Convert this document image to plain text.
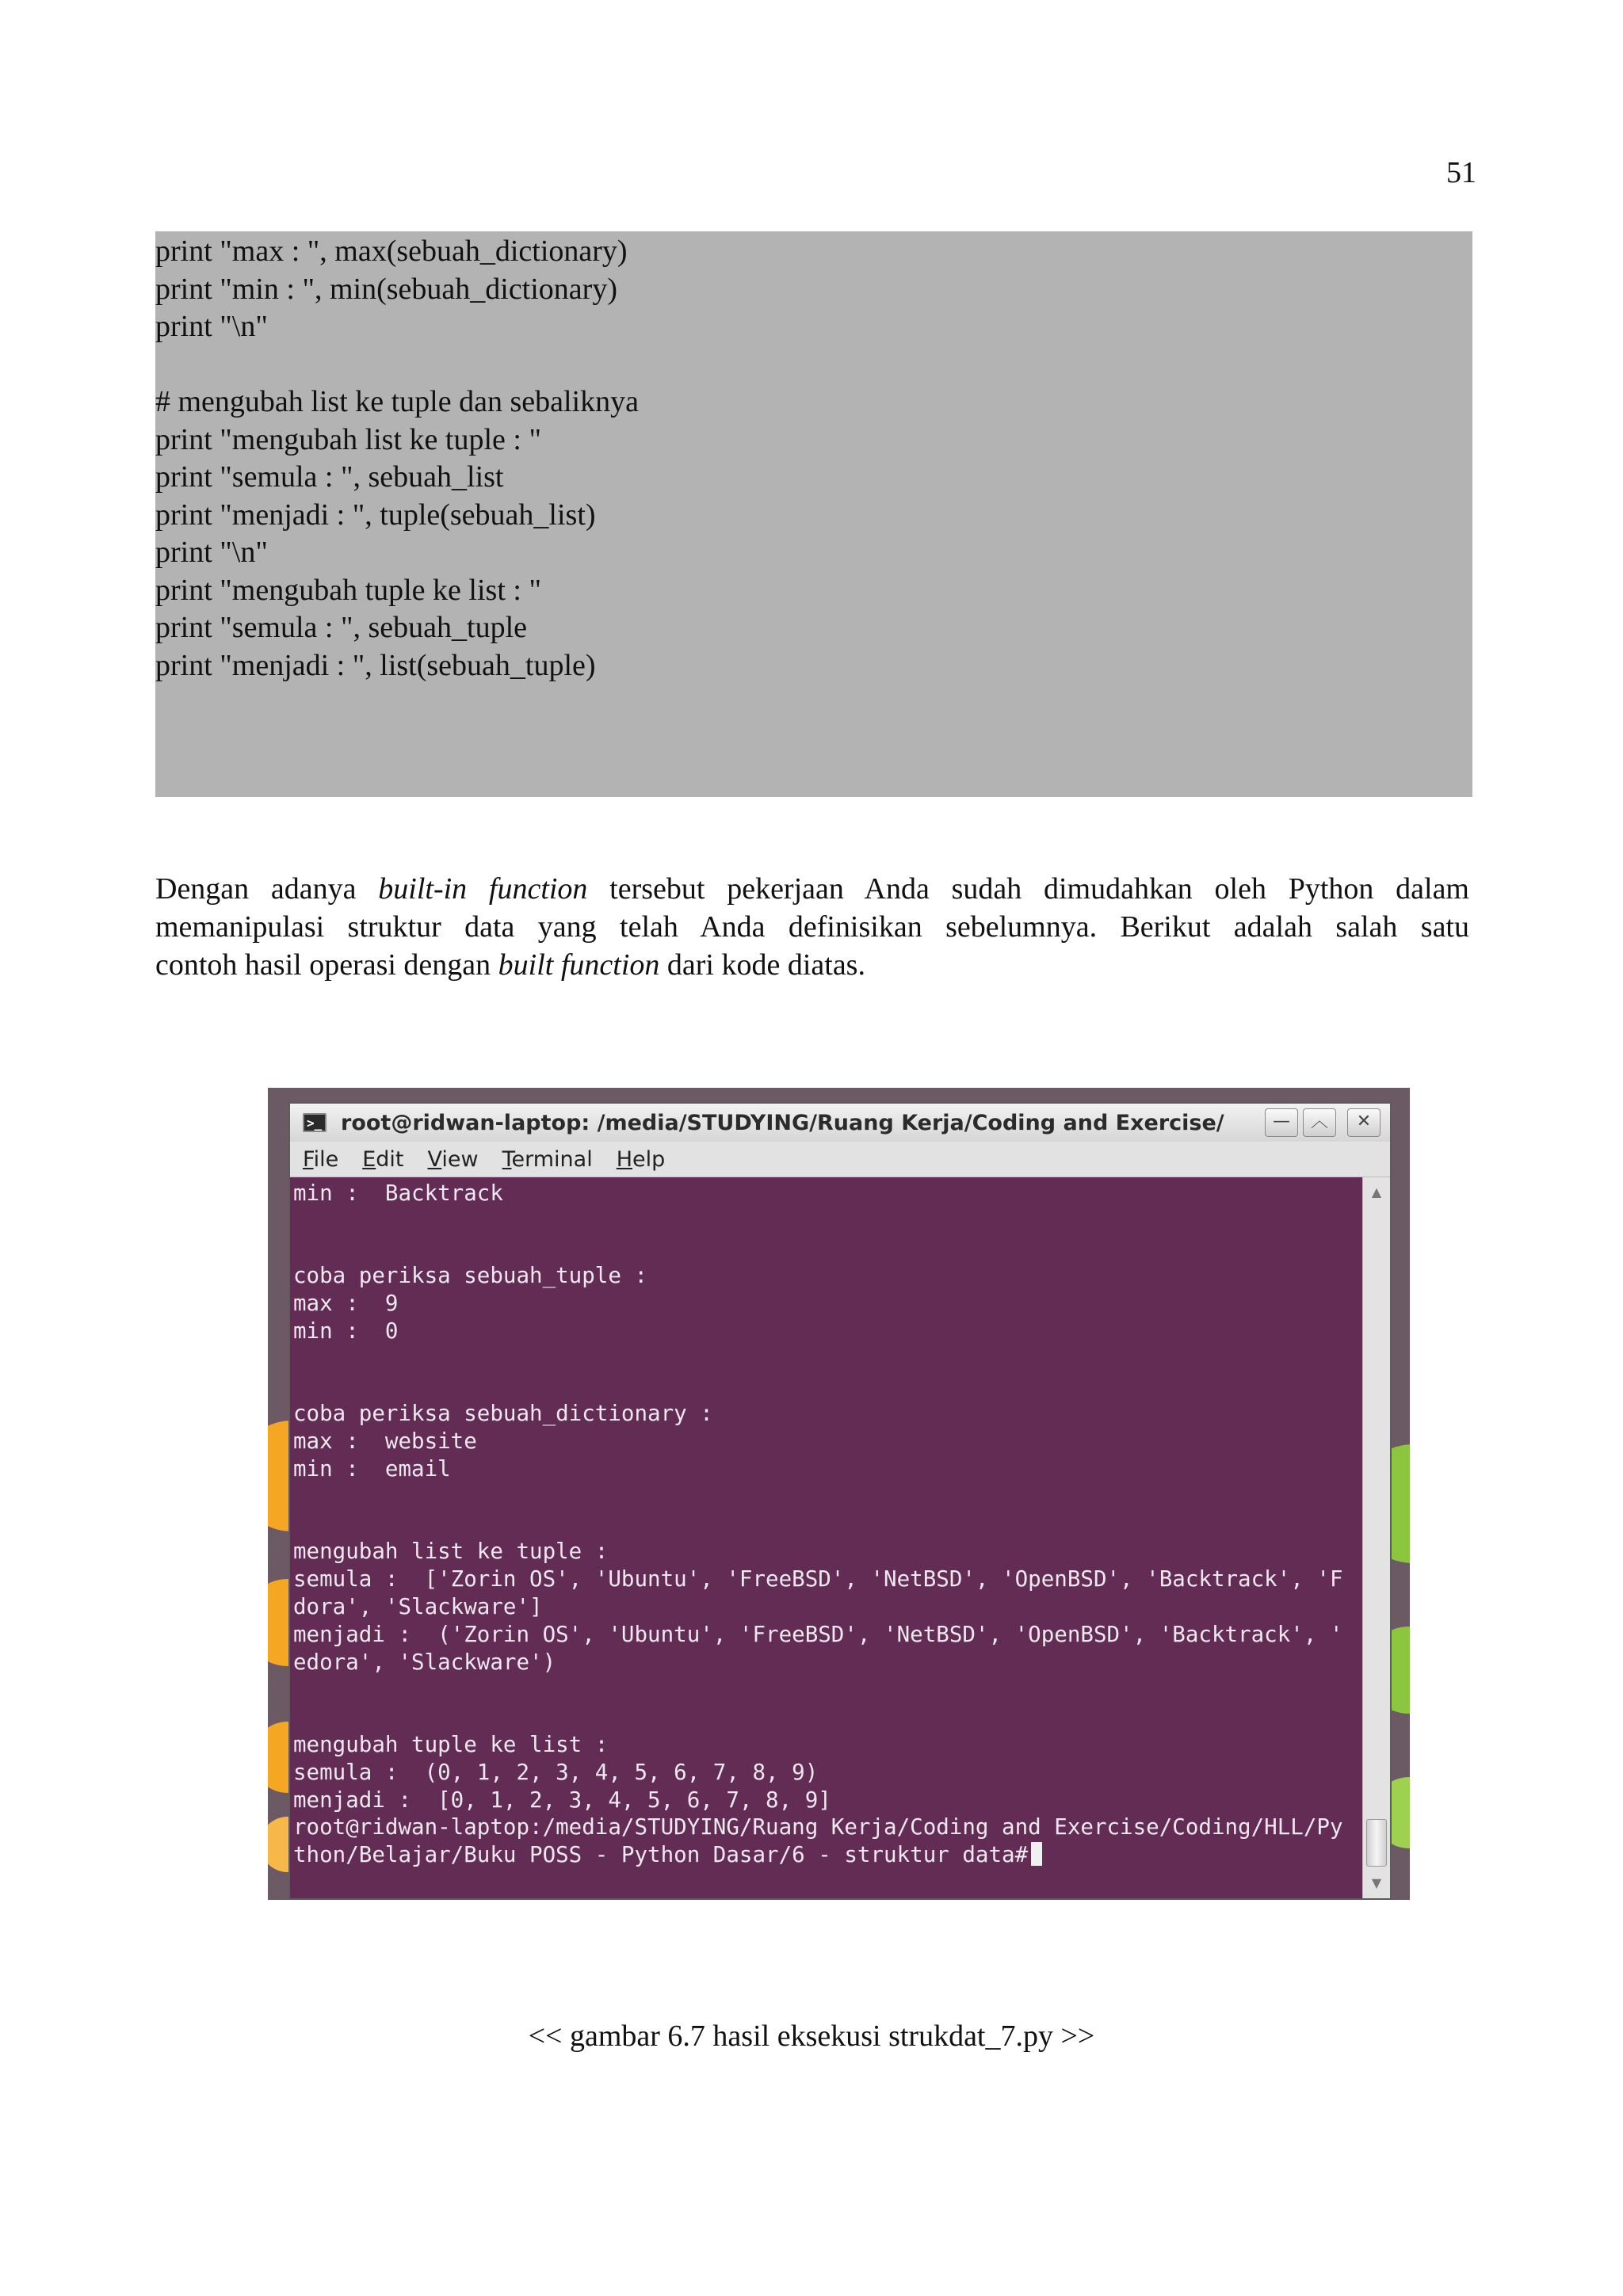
51
print "max : ", max(sebuah_dictionary)
print "min : ", min(sebuah_dictionary)
print "\n"
# mengubah list ke tuple dan sebaliknya
print "mengubah list ke tuple : "
print "semula : ", sebuah_list
print "menjadi : ", tuple(sebuah_list)
print "\n"
print "mengubah tuple ke list : "
print "semula : ", sebuah_tuple
print "menjadi : ", list(sebuah_tuple)

Dengan adanya built-in function tersebut pekerjaan Anda sudah dimudahkan oleh Python dalam
memanipulasi struktur data yang telah Anda definisikan sebelumnya. Berikut adalah salah satu
contoh hasil operasi dengan built function dari kode diatas.

>_ root@ridwan-laptop: /media/STUDYING/Ruang Kerja/Coding and Exercise/	—	︿	✕
File Edit View Terminal Help
min :  Backtrack
coba periksa sebuah_tuple :
max :  9
min :  0
coba periksa sebuah_dictionary :
max :  website
min :  email
mengubah list ke tuple :
semula :  ['Zorin OS', 'Ubuntu', 'FreeBSD', 'NetBSD', 'OpenBSD', 'Backtrack', 'F
dora', 'Slackware']
menjadi :  ('Zorin OS', 'Ubuntu', 'FreeBSD', 'NetBSD', 'OpenBSD', 'Backtrack', '
edora', 'Slackware')
mengubah tuple ke list :
semula :  (0, 1, 2, 3, 4, 5, 6, 7, 8, 9)
menjadi :  [0, 1, 2, 3, 4, 5, 6, 7, 8, 9]
root@ridwan-laptop:/media/STUDYING/Ruang Kerja/Coding and Exercise/Coding/HLL/Py
thon/Belajar/Buku POSS - Python Dasar/6 - struktur data#
▲
▼
<< gambar 6.7 hasil eksekusi strukdat_7.py >>
